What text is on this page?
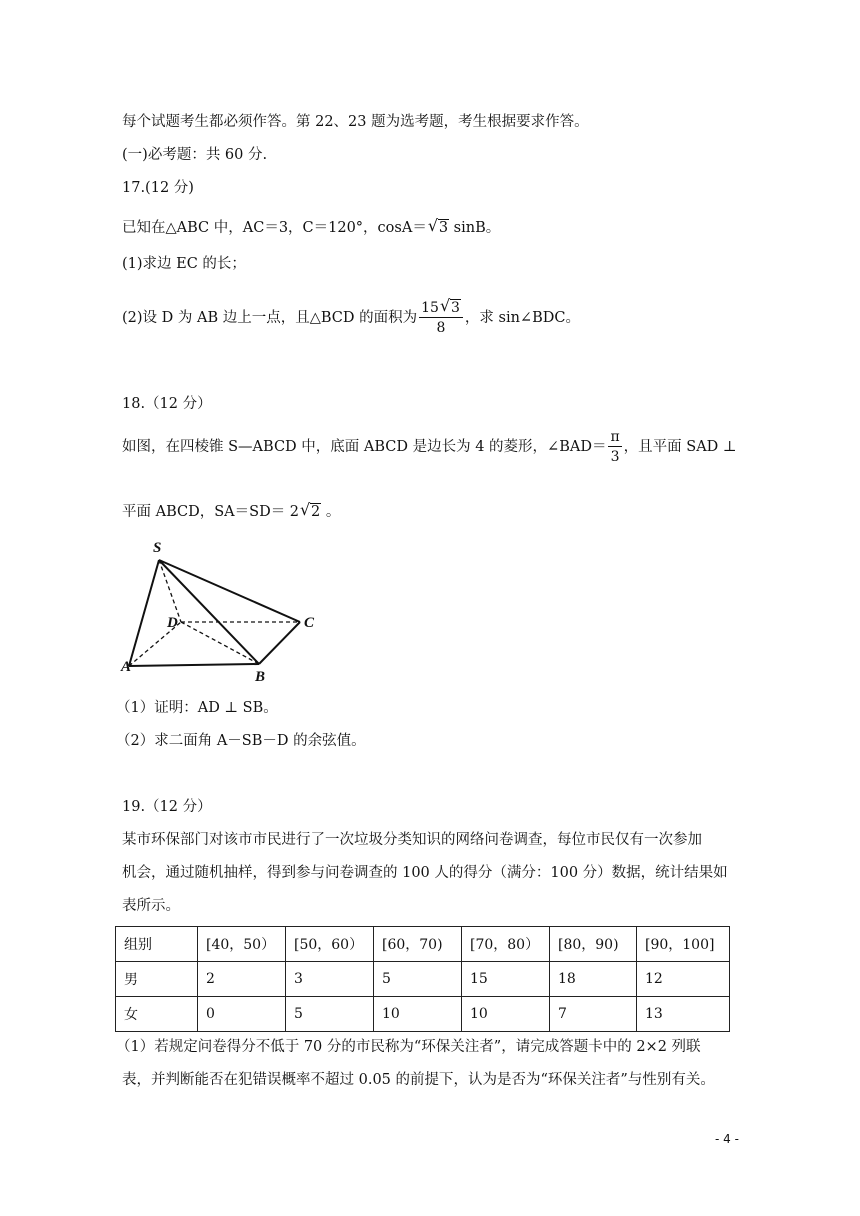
每个试题考生都必须作答。第 22、23 题为选考题，考生根据要求作答。
(一)必考题：共 60 分.
17.(12 分)
已知在△ABC 中，AC＝3，C＝120°，cosA＝ √ 3 sinB。
(1)求边 EC 的长；
(2)设 D 为 AB 边上一点，且△BCD 的面积为 $\frac{15 √ 3}{8}$ ，求 sin∠BDC。
18.（12 分）
如图，在四棱锥 S—ABCD 中，底面 ABCD 是边长为 4 的菱形，∠BAD＝ $\frac{\pi}{3}$ ，且平面 SAD ⊥
平面 ABCD，SA＝SD＝ 2 √ 2 。
S
D	C
A
B
（1）证明：AD ⊥ SB。
（2）求二面角 A－SB－D 的余弦值。
19.（12 分）
某市环保部门对该市市民进行了一次垃圾分类知识的网络问卷调查，每位市民仅有一次参加
机会，通过随机抽样，得到参与问卷调查的 100 人的得分（满分：100 分）数据，统计结果如
表所示。
组别	[40，50）	[50，60）	[60，70)	[70，80）	[80，90)	[90，100]
男	2	3	5	15	18	12
女	0	5	10	10	7	13
（1）若规定问卷得分不低于 70 分的市民称为“环保关注者”，请完成答题卡中的 2×2 列联
表，并判断能否在犯错误概率不超过 0.05 的前提下，认为是否为“环保关注者”与性别有关。
- 4 -
